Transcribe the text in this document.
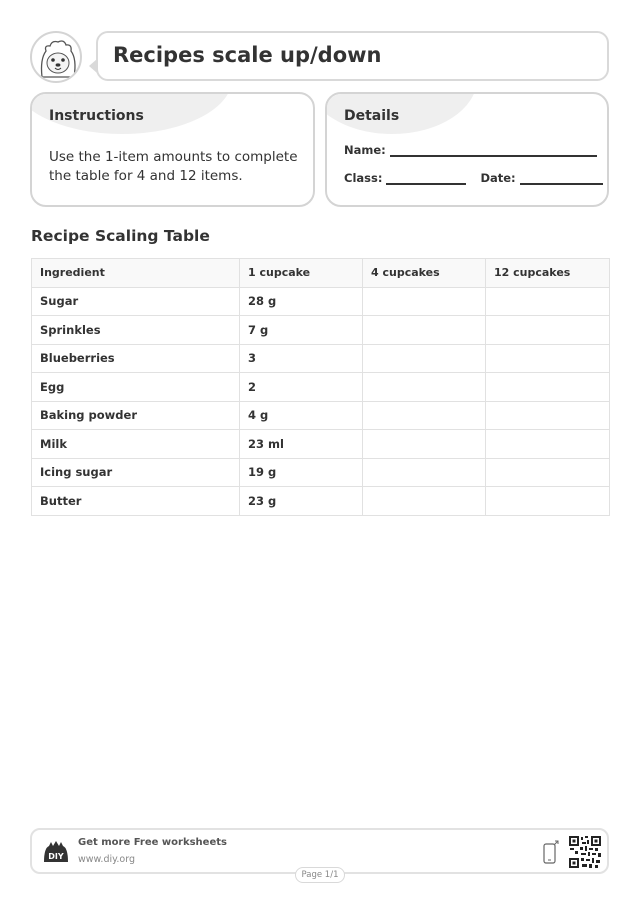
Recipes scale up/down
Instructions
Use the 1-item amounts to complete the table for 4 and 12 items.
Details
Name:
Class:	Date:
Recipe Scaling Table
Ingredient	1 cupcake	4 cupcakes	12 cupcakes
Sugar	28 g		
Sprinkles	7 g		
Blueberries	3		
Egg	2		
Baking powder	4 g		
Milk	23 ml		
Icing sugar	19 g		
Butter	23 g		
DIY
Get more Free worksheets
www.diy.org
Page 1/1
